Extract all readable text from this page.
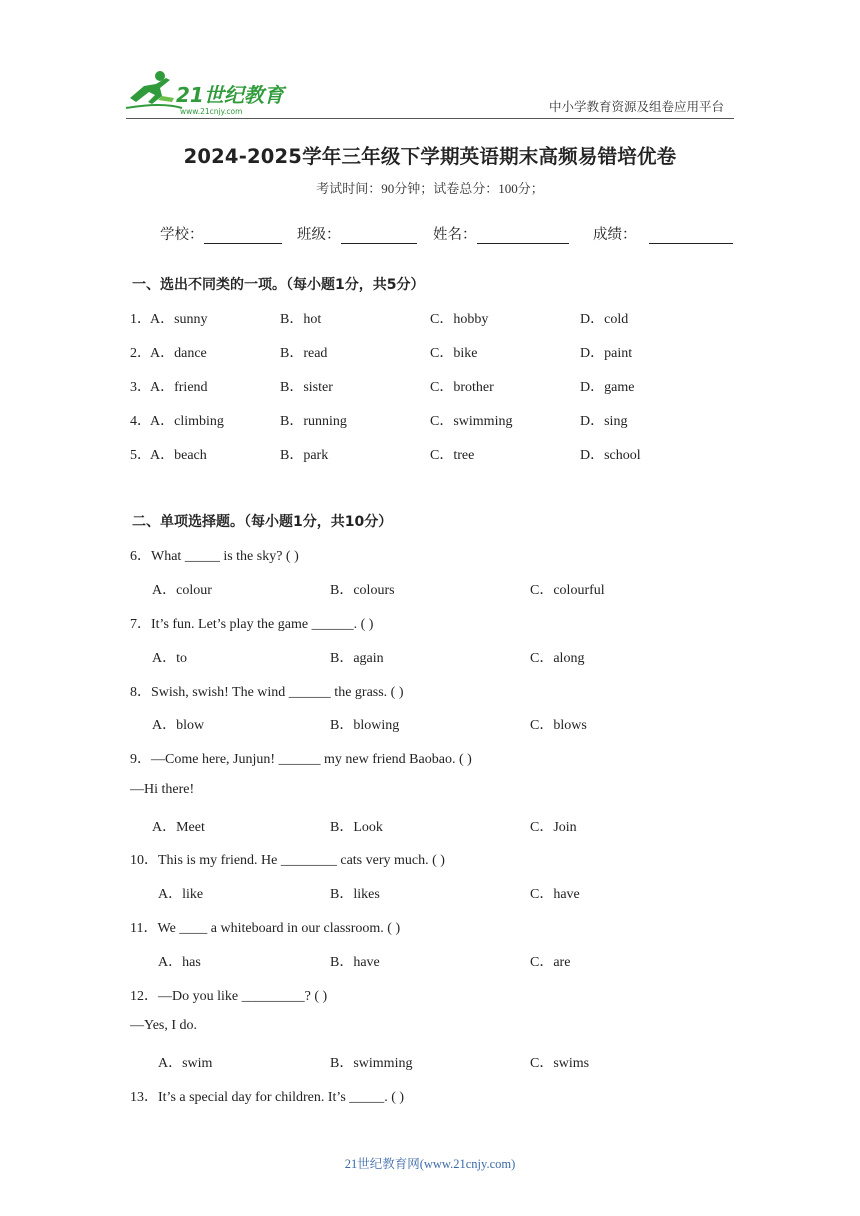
21世纪教育
www.21cnjy.com	中小学教育资源及组卷应用平台
2024-2025学年三年级下学期英语期末高频易错培优卷
考试时间：90分钟；试卷总分：100分；
学校：	班级：	姓名：	成绩：
一、选出不同类的一项。（每小题1分，共5分）
1． A．sunny	B．hot	C．hobby	D．cold
2． A．dance	B．read	C．bike	D．paint
3． A．friend	B．sister	C．brother	D．game
4． A．climbing	B．running	C．swimming	D．sing
5． A．beach	B．park	C．tree	D．school
二、单项选择题。（每小题1分，共10分）
6．What _____ is the sky? ( )
A．colour	B．colours	C．colourful
7．It’s fun. Let’s play the game ______. ( )
A．to	B．again	C．along
8．Swish, swish! The wind ______ the grass. ( )
A．blow	B．blowing	C．blows
9．—Come here, Junjun! ______ my new friend Baobao. ( )
—Hi there!
A．Meet	B．Look	C．Join
10．This is my friend. He ________ cats very much. ( )
A．like	B．likes	C．have
11．We ____ a whiteboard in our classroom. ( )
A．has	B．have	C．are
12．—Do you like _________? ( )
—Yes, I do.
A．swim	B．swimming	C．swims
13．It’s a special day for children. It’s _____. ( )
21世纪教育网(www.21cnjy.com)
